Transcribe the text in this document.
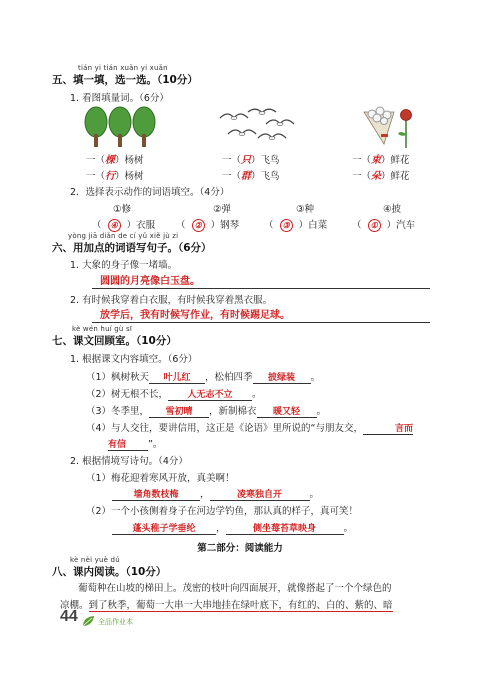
tián yi tián xuǎn yi xuǎn
五、填一填，选一选。（10分）
1. 看图填量词。（6分）
一（棵）杨树
一（行）杨树
一（只）飞鸟
一（群）飞鸟
一（束）鲜花
一（朵）鲜花
2．选择表示动作的词语填空。（4分）
①修	②弹	③种	④披
（  ④  ）衣服 （  ②  ）钢琴	（  ③  ）白菜	（  ①  ）汽车
yòng jiā diǎn de cí yǔ xiě jù zi
六、用加点的词语写句子。（6分）
1. 大象的身子像一堵墙。
圆圆的月亮像白玉盘。
2. 有时候我穿着白衣服，有时候我穿着黑衣服。
放学后，我有时候写作业，有时候踢足球。
kè wén huí gù sī
七、课文回顾室。（10分）
1. 根据课文内容填空。（6分）
（1）枫树秋天 叶儿红 ，松柏四季 披绿装 。
（2）树无根不长， 人无志不立 。
（3）冬季里， 雪初晴 ，新制棉衣 暖又轻 。
（4）与人交往，要讲信用，这正是《论语》里所说的“与朋友交，	言而
有信 ”。
2. 根据情境写诗句。（4分）
（1）梅花迎着寒风开放，真美啊！
墙角数枝梅 ，	凌寒独自开	。
（2）一个小孩侧着身子在河边学钓鱼，那认真的样子，真可笑！
蓬头稚子学垂纶 ，	侧坐莓苔草映身	。
第二部分：阅读能力
kè nèi yuè dú
八、课内阅读。（10分）
葡萄种在山坡的梯田上。茂密的枝叶向四面展开，就像搭起了一个个绿色的
凉棚。到了秋季，葡萄一大串一大串地挂在绿叶底下，有红的、白的、紫的、暗
44	全品作业本
